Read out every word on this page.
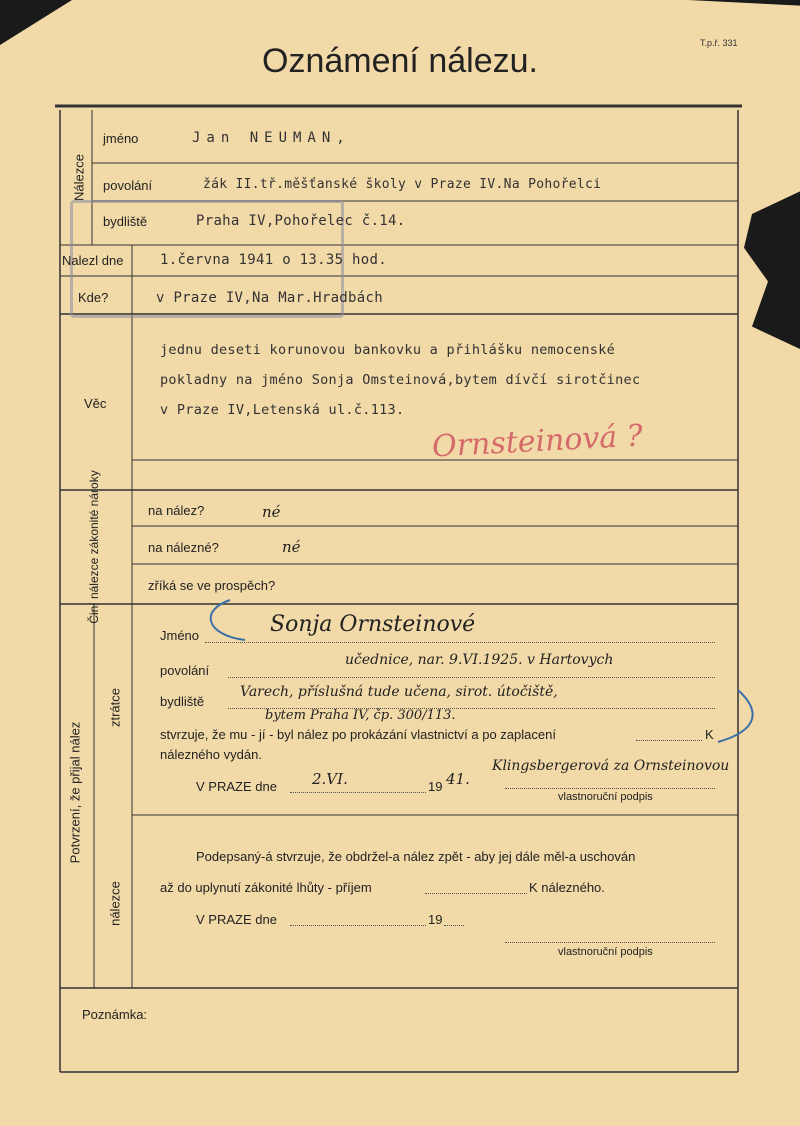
Oznámení nálezu.	T.p.ř. 331
Nálezce
jméno	Jan NEUMAN,
povolání	žák II.tř.měšťanské školy v Praze IV.Na Pohořelci
bydliště	Praha IV,Pohořelec č.14.
Nalezl dne	1.června 1941 o 13.35 hod.
Kde?	v Praze IV,Na Mar.Hradbách
Věc
jednu deseti korunovou bankovku a přihlášku nemocenské
pokladny na jméno Sonja Omsteinová,bytem dívčí sirotčinec
v Praze IV,Letenská ul.č.113.
Ornsteinová ?
Činí nálezce zákonité nároky	na nález?	né
na nálezné?	né
zříká se ve prospěch?
Potvrzení, že přijal nález
ztrátce
Jméno	Sonja Ornsteinové
povolání
učednice, nar. 9.VI.1925. v Hartovych
bydliště
Varech, příslušná tude učena, sirot. útočiště,
bytem Praha IV, čp. 300/113.
stvrzuje, že mu - jí - byl nález po prokázání vlastnictví a po zaplacení	K
nálezného vydán.
V PRAZE dne 2.VI.	19 41.
Klingsbergerová za Ornsteinovou
vlastnoruční podpis
nálezce
Podepsaný-á stvrzuje, že obdržel-a nález zpět - aby jej dále měl-a uschován
až do uplynutí zákonité lhůty - příjem	K nálezného.
V PRAZE dne	19
vlastnoruční podpis
Poznámka:
